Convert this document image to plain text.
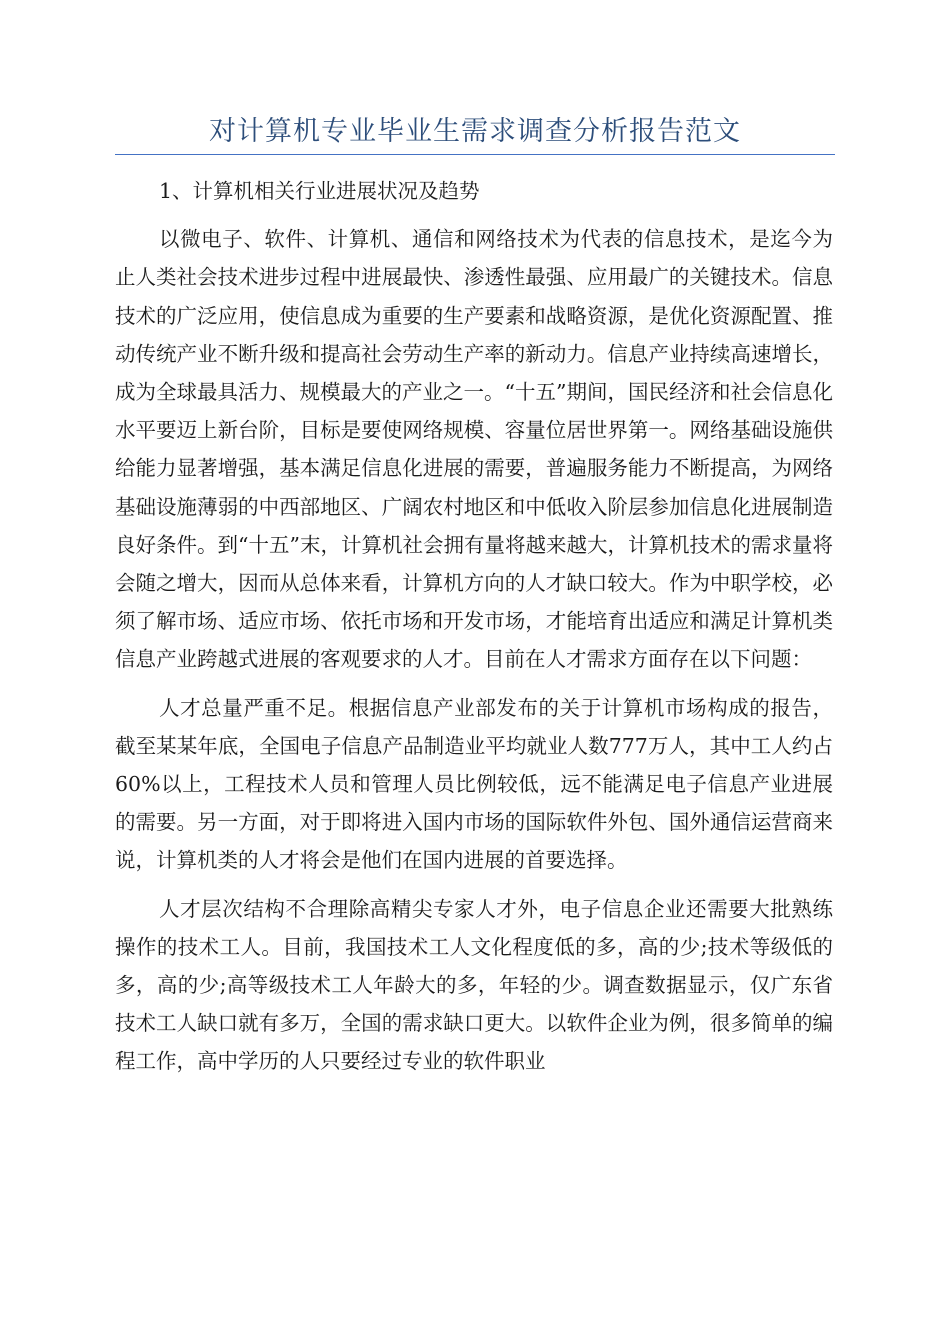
对计算机专业毕业生需求调查分析报告范文

1、计算机相关行业进展状况及趋势

以微电子、软件、计算机、通信和网络技术为代表的信息技术，是迄今为止人类社会技术进步过程中进展最快、渗透性最强、应用最广的关键技术。信息技术的广泛应用，使信息成为重要的生产要素和战略资源，是优化资源配置、推动传统产业不断升级和提高社会劳动生产率的新动力。信息产业持续高速增长，成为全球最具活力、规模最大的产业之一。“十五”期间，国民经济和社会信息化水平要迈上新台阶，目标是要使网络规模、容量位居世界第一。网络基础设施供给能力显著增强，基本满足信息化进展的需要，普遍服务能力不断提高，为网络基础设施薄弱的中西部地区、广阔农村地区和中低收入阶层参加信息化进展制造良好条件。到“十五”末，计算机社会拥有量将越来越大，计算机技术的需求量将会随之增大，因而从总体来看，计算机方向的人才缺口较大。作为中职学校，必须了解市场、适应市场、依托市场和开发市场，才能培育出适应和满足计算机类信息产业跨越式进展的客观要求的人才。目前在人才需求方面存在以下问题：

人才总量严重不足。根据信息产业部发布的关于计算机市场构成的报告，截至某某年底，全国电子信息产品制造业平均就业人数777万人，其中工人约占60%以上，工程技术人员和管理人员比例较低，远不能满足电子信息产业进展的需要。另一方面，对于即将进入国内市场的国际软件外包、国外通信运营商来说，计算机类的人才将会是他们在国内进展的首要选择。

人才层次结构不合理除高精尖专家人才外，电子信息企业还需要大批熟练操作的技术工人。目前，我国技术工人文化程度低的多，高的少;技术等级低的多，高的少;高等级技术工人年龄大的多，年轻的少。调查数据显示，仅广东省技术工人缺口就有多万，全国的需求缺口更大。以软件企业为例，很多简单的编程工作，高中学历的人只要经过专业的软件职业
